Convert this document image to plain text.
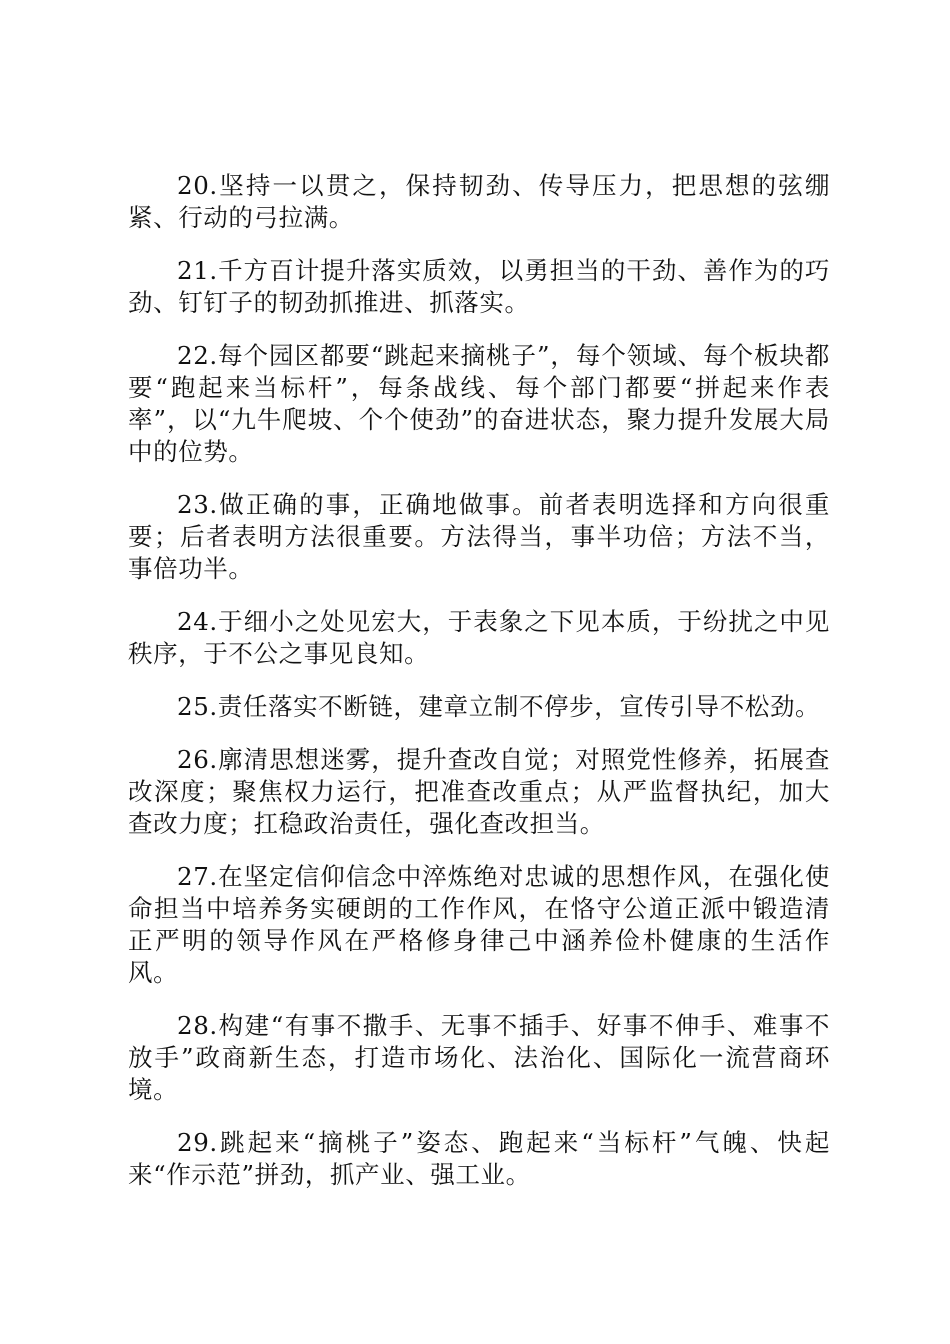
20.坚持一以贯之，保持韧劲、传导压力，把思想的弦绷紧、行动的弓拉满。

21.千方百计提升落实质效，以勇担当的干劲、善作为的巧劲、钉钉子的韧劲抓推进、抓落实。

22.每个园区都要“跳起来摘桃子”，每个领域、每个板块都要“跑起来当标杆”，每条战线、每个部门都要“拼起来作表率”，以“九牛爬坡、个个使劲”的奋进状态，聚力提升发展大局中的位势。

23.做正确的事，正确地做事。前者表明选择和方向很重要；后者表明方法很重要。方法得当，事半功倍；方法不当，事倍功半。

24.于细小之处见宏大，于表象之下见本质，于纷扰之中见秩序，于不公之事见良知。

25.责任落实不断链，建章立制不停步，宣传引导不松劲。

26.廓清思想迷雾，提升查改自觉；对照党性修养，拓展查改深度；聚焦权力运行，把准查改重点；从严监督执纪，加大查改力度；扛稳政治责任，强化查改担当。

27.在坚定信仰信念中淬炼绝对忠诚的思想作风，在强化使命担当中培养务实硬朗的工作作风，在恪守公道正派中锻造清正严明的领导作风在严格修身律己中涵养俭朴健康的生活作风。

28.构建“有事不撒手、无事不插手、好事不伸手、难事不放手”政商新生态，打造市场化、法治化、国际化一流营商环境。

29.跳起来“摘桃子”姿态、跑起来“当标杆”气魄、快起来“作示范”拼劲，抓产业、强工业。
